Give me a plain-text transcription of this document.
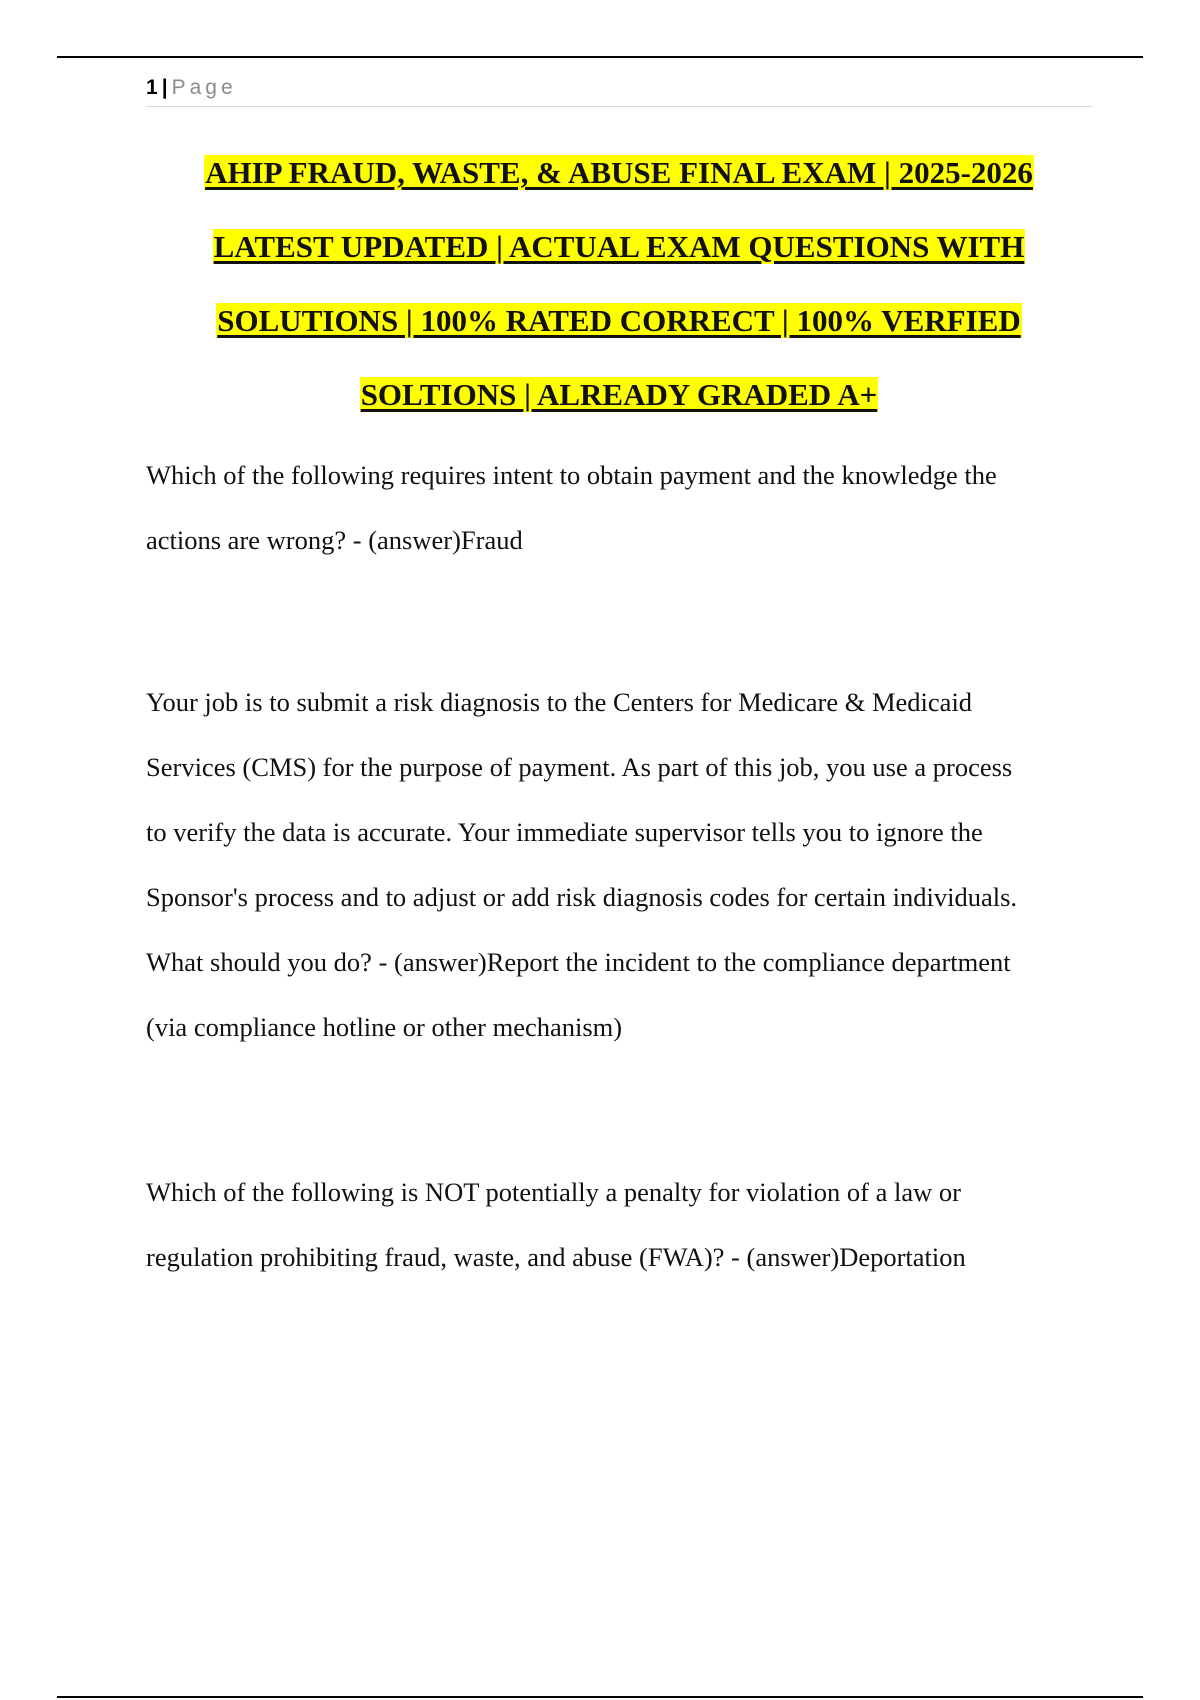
1 | Page
AHIP FRAUD, WASTE, & ABUSE FINAL EXAM | 2025-2026
LATEST UPDATED | ACTUAL EXAM QUESTIONS WITH
SOLUTIONS | 100% RATED CORRECT | 100% VERFIED
SOLTIONS | ALREADY GRADED A+

Which of the following requires intent to obtain payment and the knowledge the
actions are wrong? - (answer)Fraud

Your job is to submit a risk diagnosis to the Centers for Medicare & Medicaid
Services (CMS) for the purpose of payment. As part of this job, you use a process
to verify the data is accurate. Your immediate supervisor tells you to ignore the
Sponsor's process and to adjust or add risk diagnosis codes for certain individuals.
What should you do? - (answer)Report the incident to the compliance department
(via compliance hotline or other mechanism)

Which of the following is NOT potentially a penalty for violation of a law or
regulation prohibiting fraud, waste, and abuse (FWA)? - (answer)Deportation
